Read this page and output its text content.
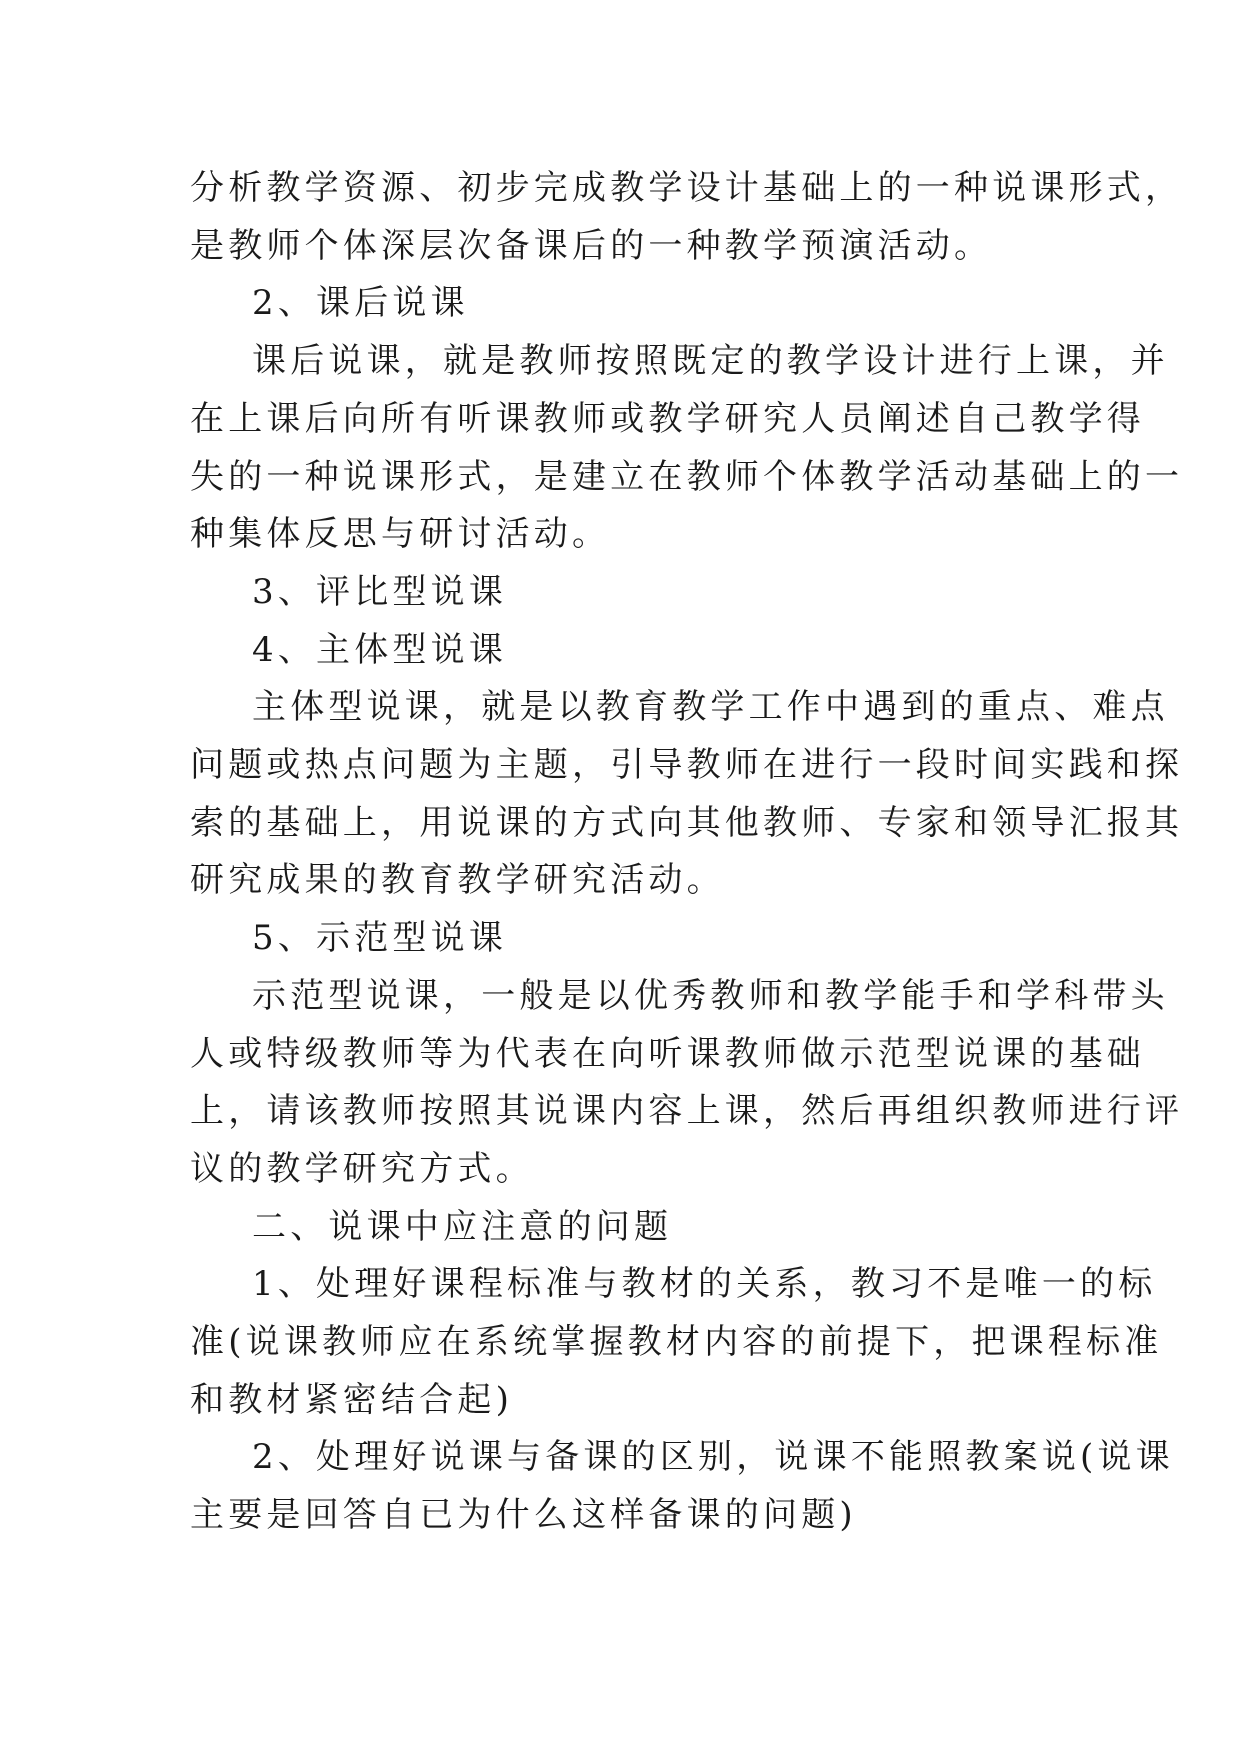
分析教学资源、初步完成教学设计基础上的一种说课形式，
是教师个体深层次备课后的一种教学预演活动。
2、课后说课
课后说课，就是教师按照既定的教学设计进行上课，并
在上课后向所有听课教师或教学研究人员阐述自己教学得
失的一种说课形式，是建立在教师个体教学活动基础上的一
种集体反思与研讨活动。
3、评比型说课
4、主体型说课
主体型说课，就是以教育教学工作中遇到的重点、难点
问题或热点问题为主题，引导教师在进行一段时间实践和探
索的基础上，用说课的方式向其他教师、专家和领导汇报其
研究成果的教育教学研究活动。
5、示范型说课
示范型说课，一般是以优秀教师和教学能手和学科带头
人或特级教师等为代表在向听课教师做示范型说课的基础
上，请该教师按照其说课内容上课，然后再组织教师进行评
议的教学研究方式。
二、说课中应注意的问题
1、处理好课程标准与教材的关系，教习不是唯一的标
准(说课教师应在系统掌握教材内容的前提下，把课程标准
和教材紧密结合起)
2、处理好说课与备课的区别，说课不能照教案说(说课
主要是回答自已为什么这样备课的问题)
